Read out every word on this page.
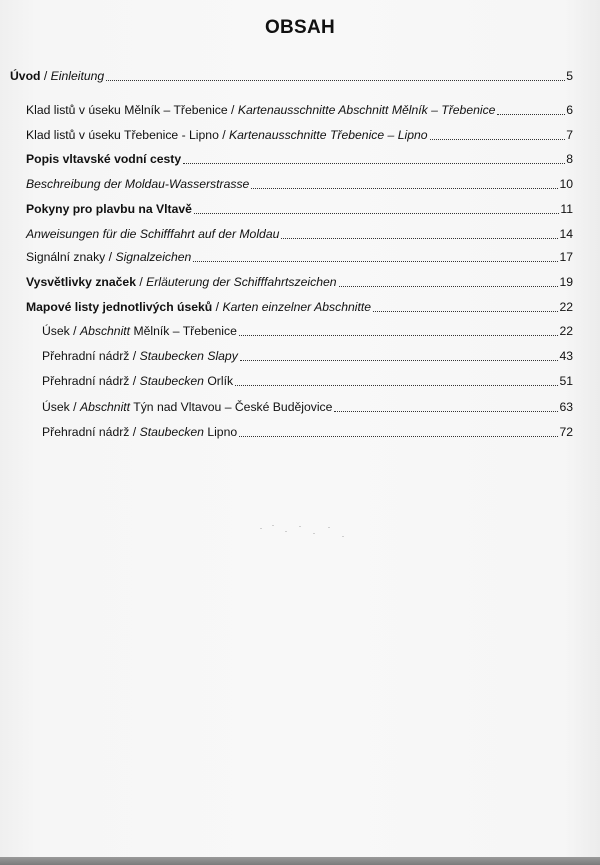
OBSAH
Úvod / Einleitung	5
Klad listů v úseku Mělník – Třebenice / Kartenausschnitte Abschnitt Mělník – Třebenice	6
Klad listů v úseku Třebenice - Lipno / Kartenausschnitte Třebenice – Lipno	7
Popis vltavské vodní cesty	8
Beschreibung der Moldau-Wasserstrasse	10
Pokyny pro plavbu na Vltavě	11
Anweisungen für die Schifffahrt auf der Moldau	14
Signální znaky / Signalzeichen	17
Vysvětlivky značek / Erläuterung der Schifffahrtszeichen	19
Mapové listy jednotlivých úseků / Karten einzelner Abschnitte	22
Úsek / Abschnitt Mělník – Třebenice	22
Přehradní nádrž / Staubecken Slapy	43
Přehradní nádrž / Staubecken Orlík	51
Úsek / Abschnitt Týn nad Vltavou – České Budějovice	63
Přehradní nádrž / Staubecken Lipno	72
